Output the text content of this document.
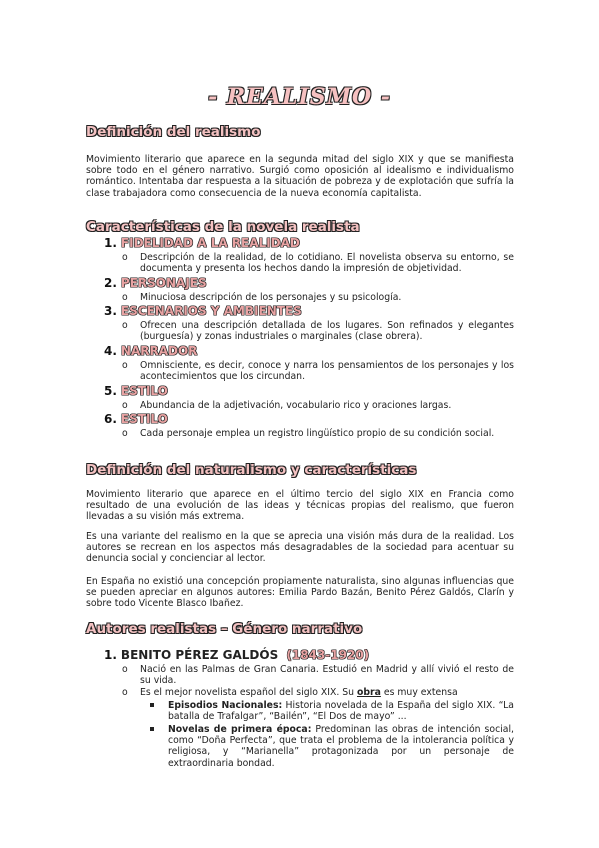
- REALISMO -
Definición del realismo
Movimiento literario que aparece en la segunda mitad del siglo XIX y que se manifiesta sobre todo en el género narrativo. Surgió como oposición al idealismo e individualismo romántico. Intentaba dar respuesta a la situación de pobreza y de explotación que sufría la clase trabajadora como consecuencia de la nueva economía capitalista.
Características de la novela realista
1. FIDELIDAD A LA REALIDAD
o	Descripción de la realidad, de lo cotidiano. El novelista observa su entorno, se documenta y presenta los hechos dando la impresión de objetividad.
2. PERSONAJES
o	Minuciosa descripción de los personajes y su psicología.
3. ESCENARIOS Y AMBIENTES
o	Ofrecen una descripción detallada de los lugares. Son refinados y elegantes (burguesía) y zonas industriales o marginales (clase obrera).
4. NARRADOR
o	Omnisciente, es decir, conoce y narra los pensamientos de los personajes y los acontecimientos que los circundan.
5. ESTILO
o	Abundancia de la adjetivación, vocabulario rico y oraciones largas.
6. ESTILO
o	Cada personaje emplea un registro lingüístico propio de su condición social.
Definición del naturalismo y características
Movimiento literario que aparece en el último tercio del siglo XIX en Francia como resultado de una evolución de las ideas y técnicas propias del realismo, que fueron llevadas a su visión más extrema.
Es una variante del realismo en la que se aprecia una visión más dura de la realidad. Los autores se recrean en los aspectos más desagradables de la sociedad para acentuar su denuncia social y concienciar al lector.
En España no existió una concepción propiamente naturalista, sino algunas influencias que se pueden apreciar en algunos autores: Emilia Pardo Bazán, Benito Pérez Galdós, Clarín y sobre todo Vicente Blasco Ibañez.
Autores realistas – Género narrativo
1. BENITO PÉREZ GALDÓS (1843-1920)
o	Nació en las Palmas de Gran Canaria. Estudió en Madrid y allí vivió el resto de su vida.
o	Es el mejor novelista español del siglo XIX. Su obra es muy extensa
Episodios Nacionales: Historia novelada de la España del siglo XIX. “La batalla de Trafalgar”, “Bailén”, “El Dos de mayo” ...
Novelas de primera época: Predominan las obras de intención social, como “Doña Perfecta”, que trata el problema de la intolerancia política y religiosa, y “Marianella” protagonizada por un personaje de extraordinaria bondad.
